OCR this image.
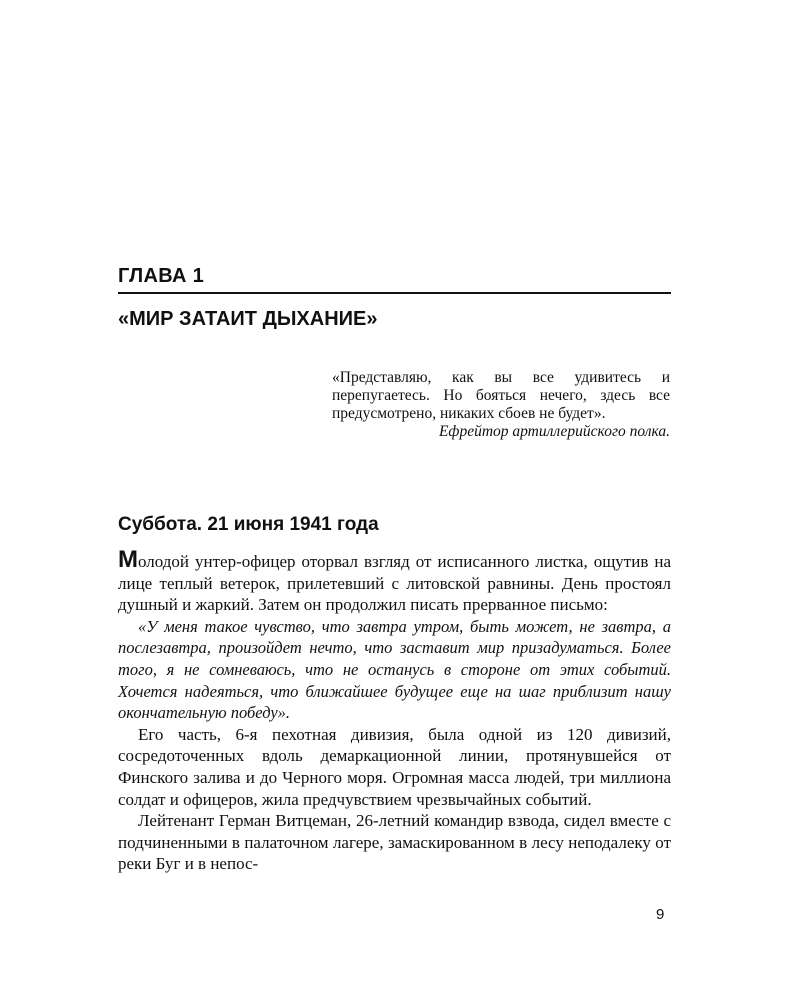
ГЛАВА 1
«МИР ЗАТАИТ ДЫХАНИЕ»

«Представляю, как вы все удивитесь и перепугаетесь. Но бояться нечего, здесь все предусмотрено, никаких сбоев не будет».

Ефрейтор артиллерийского полка.

Суббота. 21 июня 1941 года

Молодой унтер-офицер оторвал взгляд от исписанного листка, ощутив на лице теплый ветерок, прилетевший с литовской равнины. День простоял душный и жаркий. Затем он продолжил писать прерванное письмо:

«У меня такое чувство, что завтра утром, быть может, не завтра, а послезавтра, произойдет нечто, что заставит мир призадуматься. Более того, я не сомневаюсь, что не останусь в стороне от этих событий. Хочется надеяться, что ближайшее будущее еще на шаг приблизит нашу окончательную победу».

Его часть, 6-я пехотная дивизия, была одной из 120 дивизий, сосредоточенных вдоль демаркационной линии, протянувшейся от Финского залива и до Черного моря. Огромная масса людей, три миллиона солдат и офицеров, жила предчувствием чрезвычайных событий.

Лейтенант Герман Витцеман, 26-летний командир взвода, сидел вместе с подчиненными в палаточном лагере, замаскированном в лесу неподалеку от реки Буг и в непос-

9
